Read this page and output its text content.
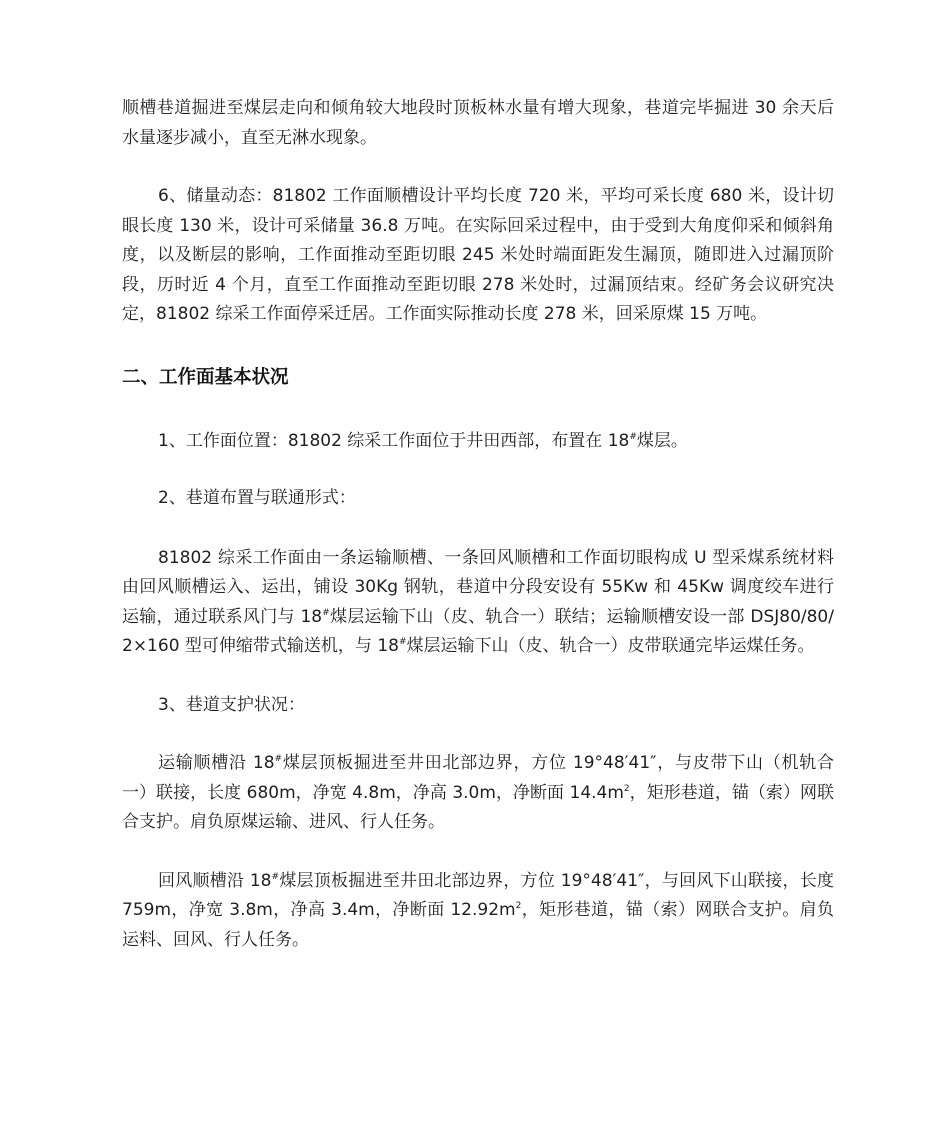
顺槽巷道掘进至煤层走向和倾角较大地段时顶板林水量有增大现象，巷道完毕掘进 30 余天后水量逐步减小，直至无淋水现象。

6、储量动态：81802 工作面顺槽设计平均长度 720 米，平均可采长度 680 米，设计切眼长度 130 米，设计可采储量 36.8 万吨。在实际回采过程中，由于受到大角度仰采和倾斜角度，以及断层的影响，工作面推动至距切眼 245 米处时端面距发生漏顶，随即进入过漏顶阶段，历时近 4 个月，直至工作面推动至距切眼 278 米处时，过漏顶结束。经矿务会议研究决定，81802 综采工作面停采迁居。工作面实际推动长度 278 米，回采原煤 15 万吨。

二、工作面基本状况

1、工作面位置：81802 综采工作面位于井田西部，布置在 18#煤层。

2、巷道布置与联通形式：

81802 综采工作面由一条运输顺槽、一条回风顺槽和工作面切眼构成 U 型采煤系统材料由回风顺槽运入、运出，铺设 30Kg 钢轨，巷道中分段安设有 55Kw 和 45Kw 调度绞车进行运输，通过联系风门与 18#煤层运输下山（皮、轨合一）联结；运输顺槽安设一部 DSJ80/80/2×160 型可伸缩带式输送机，与 18#煤层运输下山（皮、轨合一）皮带联通完毕运煤任务。

3、巷道支护状况：

运输顺槽沿 18#煤层顶板掘进至井田北部边界，方位 19°48′41″，与皮带下山（机轨合一）联接，长度 680m，净宽 4.8m，净高 3.0m，净断面 $14.4m^2$，矩形巷道，锚（索）网联合支护。肩负原煤运输、进风、行人任务。

回风顺槽沿 18#煤层顶板掘进至井田北部边界，方位 19°48′41″，与回风下山联接，长度 759m，净宽 3.8m，净高 3.4m，净断面 $12.92m^2$，矩形巷道，锚（索）网联合支护。肩负运料、回风、行人任务。
